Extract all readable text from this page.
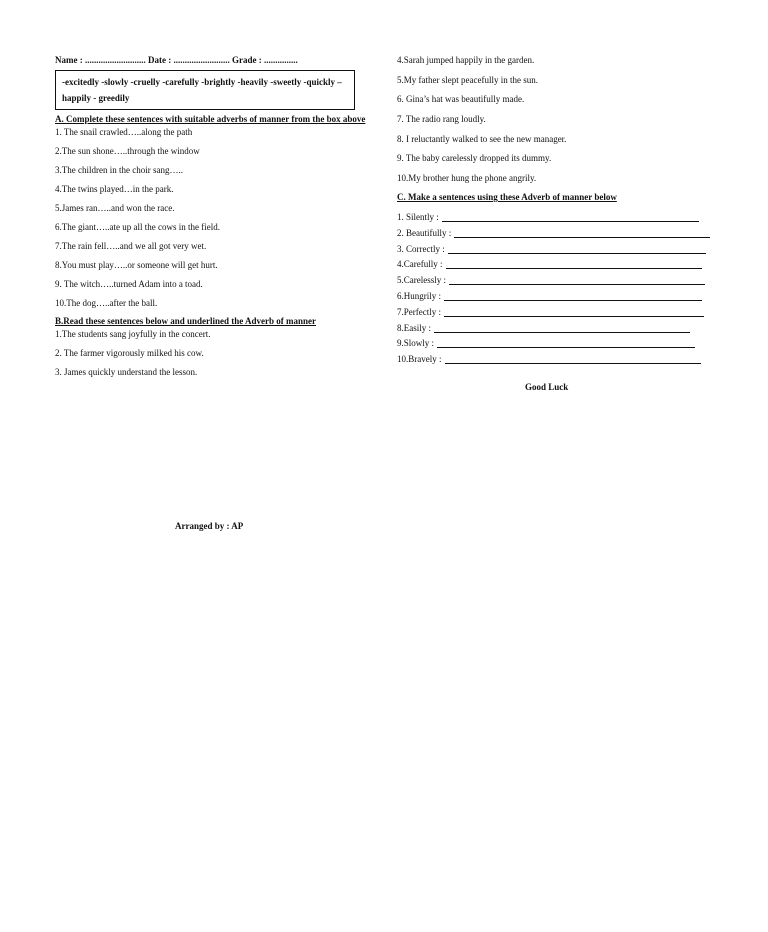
Name : ........................... Date : ......................... Grade : ...............
-excitedly -slowly -cruelly -carefully -brightly -heavily -sweetly -quickly – happily - greedily
A. Complete these sentences with suitable adverbs of manner from the box above
1. The snail crawled…..along the path
2.The sun shone…..through the window
3.The children in the choir sang…..
4.The twins played…in the park.
5.James ran…..and won the race.
6.The giant…..ate up all the cows in the field.
7.The rain fell…..and we all got very wet.
8.You must play…..or someone will get hurt.
9. The witch…..turned Adam into a toad.
10.The dog…..after the ball.
B.Read these sentences below and underlined the Adverb of manner
1.The students sang joyfully in the concert.
2. The farmer vigorously milked his cow.
3. James quickly understand the lesson.
4.Sarah jumped happily in the garden.
5.My father slept peacefully in the sun.
6. Gina’s hat was beautifully made.
7. The radio rang loudly.
8. I reluctantly walked to see the new manager.
9. The baby carelessly dropped its dummy.
10.My brother hung the phone angrily.
C. Make a sentences using these Adverb of manner below
1. Silently :
2. Beautifully :
3. Correctly :
4.Carefully :
5.Carelessly :
6.Hungrily :
7.Perfectly :
8.Easily :
9.Slowly :
10.Bravely :
Good Luck
Arranged by : AP
